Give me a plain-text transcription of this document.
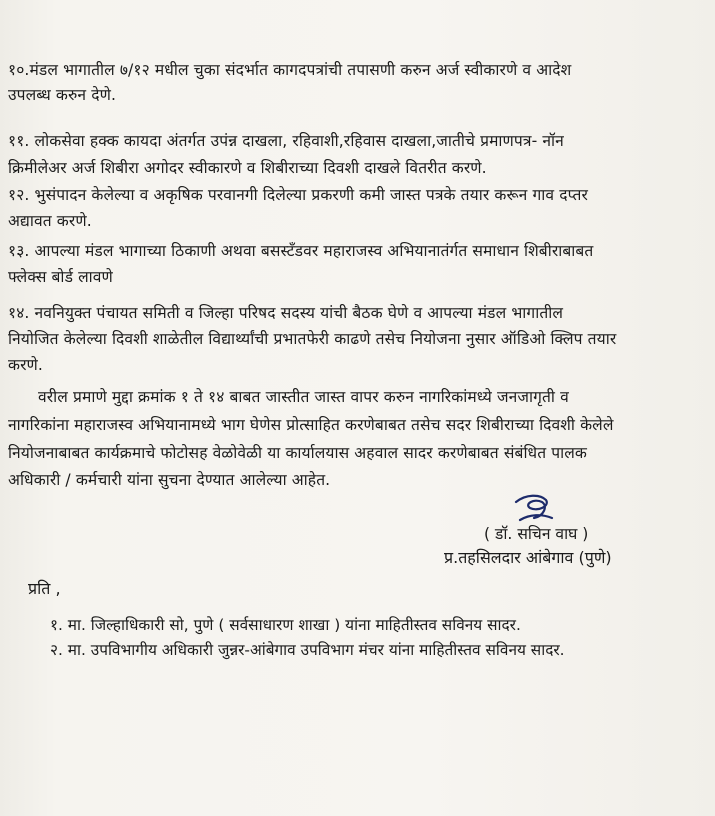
१०.मंडल भागातील ७/१२ मधील चुका संदर्भात कागदपत्रांची तपासणी करुन अर्ज स्वीकारणे व आदेश
उपलब्ध करुन देणे.
११. लोकसेवा हक्क कायदा अंतर्गत उपंन्न दाखला, रहिवाशी,रहिवास दाखला,जातीचे प्रमाणपत्र- नॉन
क्रिमीलेअर अर्ज शिबीरा अगोदर स्वीकारणे व शिबीराच्या दिवशी दाखले वितरीत करणे.
१२. भुसंपादन केलेल्या व अकृषिक परवानगी दिलेल्या प्रकरणी कमी जास्त पत्रके तयार करून गाव दप्तर
अद्यावत करणे.
१३. आपल्या मंडल भागाच्या ठिकाणी अथवा बसस्टँडवर महाराजस्व अभियानातंर्गत समाधान शिबीराबाबत
फ्लेक्स बोर्ड लावणे
१४. नवनियुक्त पंचायत समिती व जिल्हा परिषद सदस्य यांची बैठक घेणे व आपल्या मंडल भागातील
नियोजित केलेल्या दिवशी शाळेतील विद्यार्थ्यांची प्रभातफेरी काढणे तसेच नियोजना नुसार ऑडिओ क्लिप तयार
करणे.
वरील प्रमाणे मुद्दा क्रमांक १ ते १४ बाबत जास्तीत जास्त वापर करुन नागरिकांमध्ये जनजागृती व
नागरिकांना महाराजस्व अभियानामध्ये भाग घेणेस प्रोत्साहित करणेबाबत तसेच सदर शिबीराच्या दिवशी केलेले
नियोजनाबाबत कार्यक्रमाचे फोटोसह वेळोवेळी या कार्यालयास अहवाल सादर करणेबाबत संबंधित पालक
अधिकारी / कर्मचारी यांना सुचना देण्यात आलेल्या आहेत.
( डॉ. सचिन वाघ )
प्र.तहसिलदार आंबेगाव (पुणे)
प्रति ,
१. मा. जिल्हाधिकारी सो, पुणे ( सर्वसाधारण शाखा ) यांना माहितीस्तव सविनय सादर.
२. मा. उपविभागीय अधिकारी जुन्नर-आंबेगाव उपविभाग मंचर यांना माहितीस्तव सविनय सादर.
